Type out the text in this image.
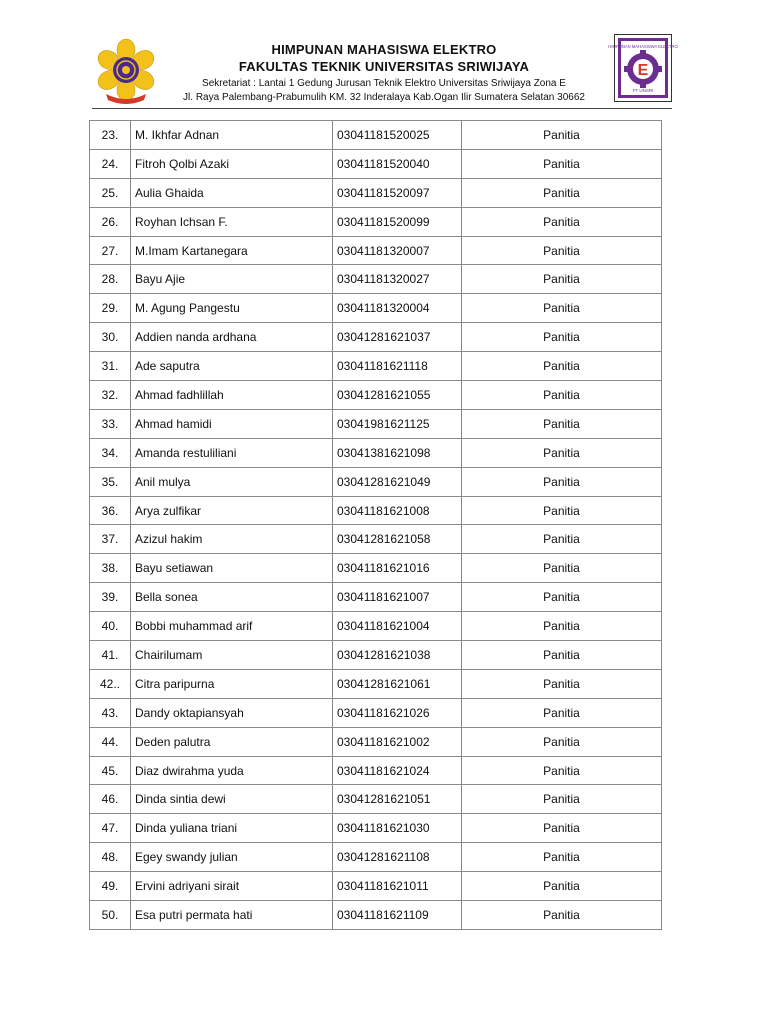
HIMPUNAN MAHASISWA ELEKTRO
FAKULTAS TEKNIK UNIVERSITAS SRIWIJAYA
Sekretariat : Lantai 1 Gedung Jurusan Teknik Elektro Universitas Sriwijaya Zona E
Jl. Raya Palembang-Prabumulih KM. 32 Inderalaya Kab.Ogan Ilir Sumatera Selatan 30662
HIMPUNAN MAHASISWA ELEKTRO
E
FT UNSRI
23.	M. Ikhfar Adnan	03041181520025	Panitia
24.	Fitroh Qolbi Azaki	03041181520040	Panitia
25.	Aulia Ghaida	03041181520097	Panitia
26.	Royhan Ichsan F.	03041181520099	Panitia
27.	M.Imam Kartanegara	03041181320007	Panitia
28.	Bayu Ajie	03041181320027	Panitia
29.	M. Agung Pangestu	03041181320004	Panitia
30.	Addien nanda ardhana	03041281621037	Panitia
31.	Ade saputra	03041181621118	Panitia
32.	Ahmad fadhlillah	03041281621055	Panitia
33.	Ahmad hamidi	03041981621125	Panitia
34.	Amanda restuliliani	03041381621098	Panitia
35.	Anil mulya	03041281621049	Panitia
36.	Arya zulfikar	03041181621008	Panitia
37.	Azizul hakim	03041281621058	Panitia
38.	Bayu setiawan	03041181621016	Panitia
39.	Bella sonea	03041181621007	Panitia
40.	Bobbi muhammad arif	03041181621004	Panitia
41.	Chairilumam	03041281621038	Panitia
42..	Citra paripurna	03041281621061	Panitia
43.	Dandy oktapiansyah	03041181621026	Panitia
44.	Deden palutra	03041181621002	Panitia
45.	Diaz dwirahma yuda	03041181621024	Panitia
46.	Dinda sintia dewi	03041281621051	Panitia
47.	Dinda yuliana triani	03041181621030	Panitia
48.	Egey swandy julian	03041281621108	Panitia
49.	Ervini adriyani sirait	03041181621011	Panitia
50.	Esa putri permata hati	03041181621109	Panitia
